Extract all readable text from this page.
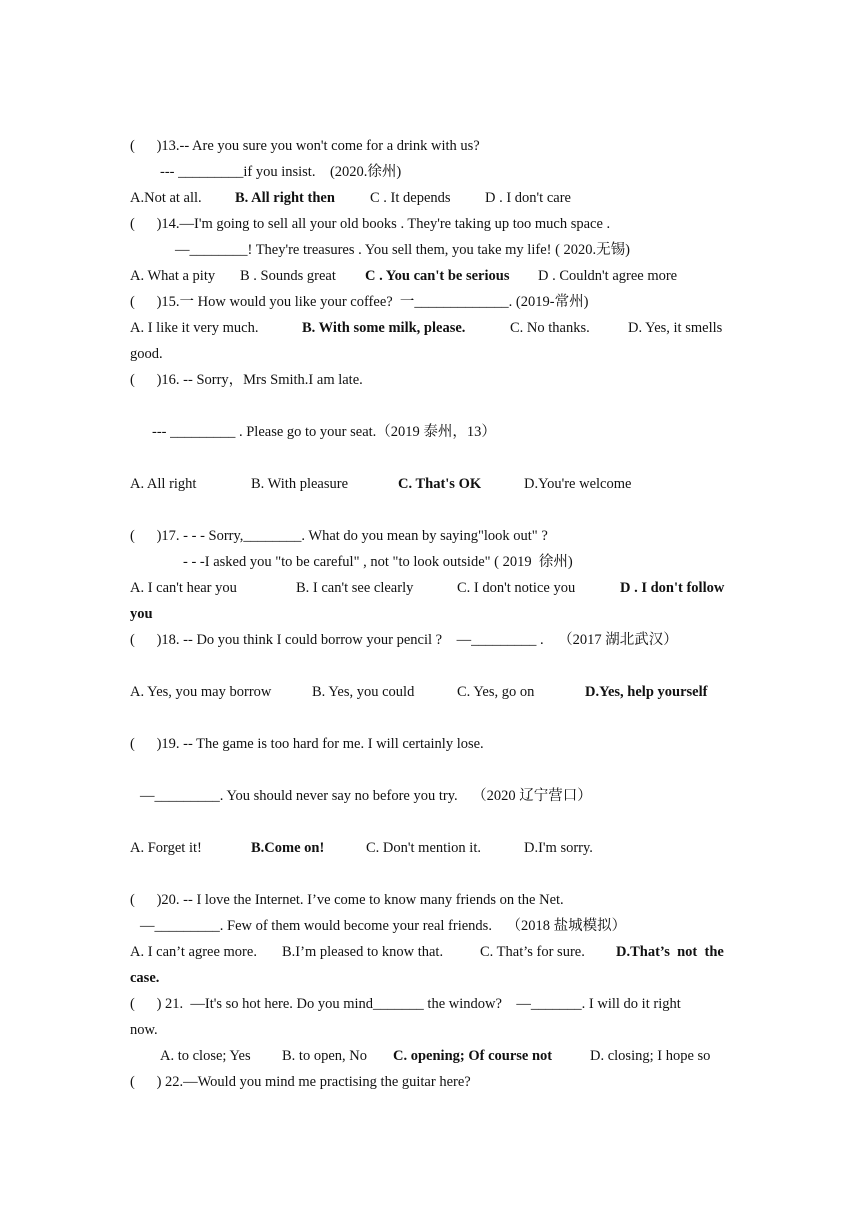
(      )13.-- Are you sure you won't come for a drink with us?
--- _________if you insist.    (2020.徐州)
A.Not at all. B. All right then C . It depends D . I don't care
(      )14.—I'm going to sell all your old books . They're taking up too much space .
—________! They're treasures . You sell them, you take my life! ( 2020.无锡)
A. What a pity B . Sounds great C . You can't be serious D . Couldn't agree more
(      )15.一 How would you like your coffee?  一_____________. (2019-常州)
A. I like it very much.	B. With some milk, please.	C. No thanks.	D. Yes, it smells
good.
(      )16. -- Sorry，Mrs Smith.I am late.
--- _________ . Please go to your seat.（2019 泰州，13）
A. All right	B. With pleasure	C. That's OK	D.You're welcome
(      )17. - - - Sorry,________. What do you mean by saying"look out" ?
- - -I asked you "to be careful" , not "to look outside" ( 2019  徐州)
A. I can't hear you	B. I can't see clearly	C. I don't notice you	D . I don't follow
you
(      )18. -- Do you think I could borrow your pencil ?    —_________ .    （2017 湖北武汉）
A. Yes, you may borrow	B. Yes, you could	C. Yes, go on	D.Yes, help yourself
(      )19. -- The game is too hard for me. I will certainly lose.
—_________. You should never say no before you try.    （2020 辽宁营口）
A. Forget it!	B.Come on!	C. Don't mention it.	D.I'm sorry.
(      )20. -- I love the Internet. I’ve come to know many friends on the Net.
—_________. Few of them would become your real friends.    （2018 盐城模拟）
A. I can’t agree more. B.I’m pleased to know that.	C. That’s for sure. D.That’s  not  the
case.
(      ) 21.  —It's so hot here. Do you mind_______ the window?    —_______. I will do it right
now.
A. to close; Yes B. to open, No C. opening; Of course not	D. closing; I hope so
(      ) 22.—Would you mind me practising the guitar here?
